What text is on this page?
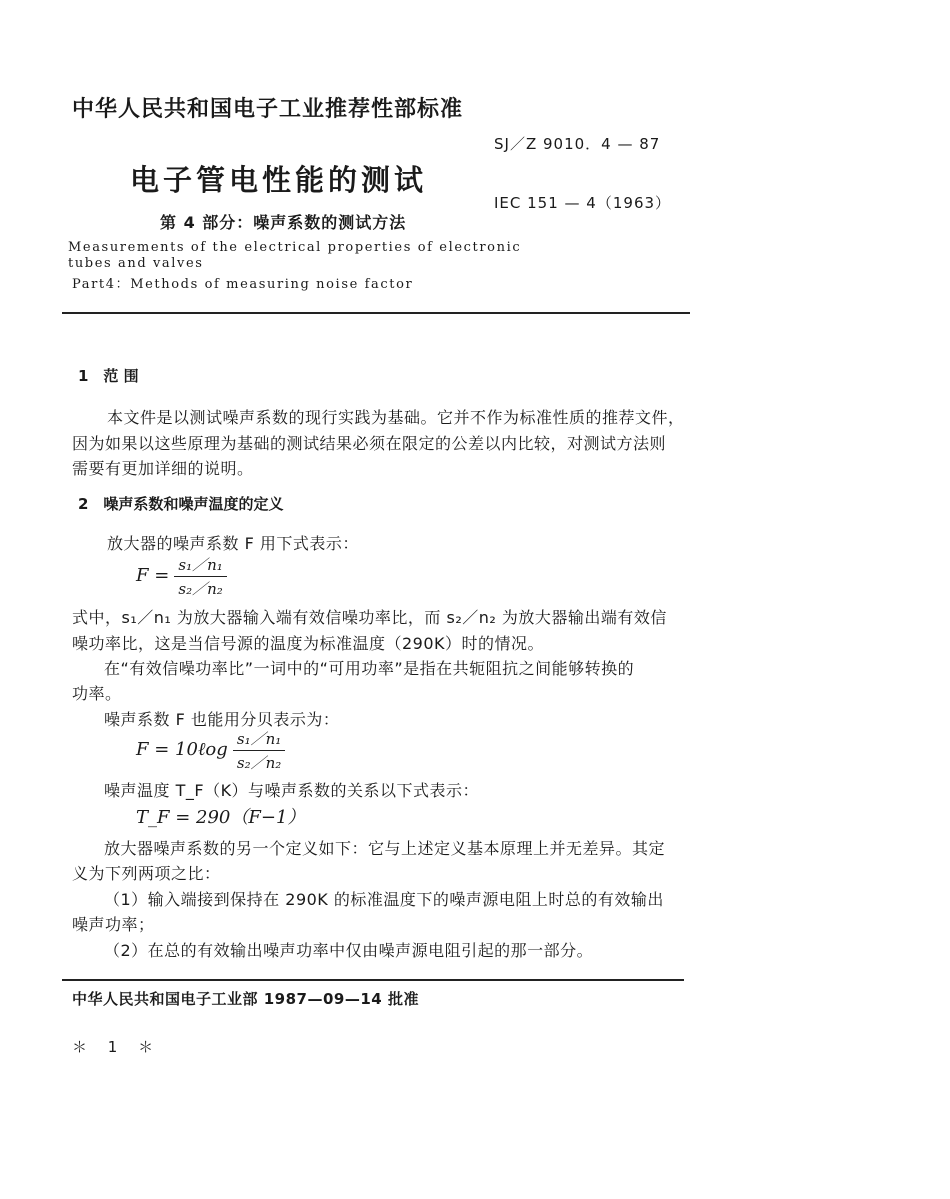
中华人民共和国电子工业推荐性部标准
SJ／Z 9010．4 — 87
电子管电性能的测试
IEC 151 — 4（1963）
第 4 部分：噪声系数的测试方法
Measurements of the electrical properties of electronic
tubes and valves
Part4：Methods of measuring noise factor
1　范 围
本文件是以测试噪声系数的现行实践为基础。它并不作为标准性质的推荐文件，
因为如果以这些原理为基础的测试结果必须在限定的公差以内比较，对测试方法则
需要有更加详细的说明。
2　噪声系数和噪声温度的定义
放大器的噪声系数 F 用下式表示：
$F = \frac{\text{s₁／n₁}}{\text{s₂／n₂}}$
式中，s₁／n₁ 为放大器输入端有效信噪功率比，而 s₂／n₂ 为放大器输出端有效信
噪功率比，这是当信号源的温度为标准温度（290K）时的情况。
在“有效信噪功率比”一词中的“可用功率”是指在共轭阻抗之间能够转换的
功率。
噪声系数 F 也能用分贝表示为：
F = 10ℓog $\frac{\text{s₁／n₁}}{\text{s₂／n₂}}$
噪声温度 T_F（K）与噪声系数的关系以下式表示：
T_F = 290（F−1）
放大器噪声系数的另一个定义如下：它与上述定义基本原理上并无差异。其定
义为下列两项之比：
（1）输入端接到保持在 290K 的标准温度下的噪声源电阻上时总的有效输出
噪声功率；
（2）在总的有效输出噪声功率中仅由噪声源电阻引起的那一部分。
中华人民共和国电子工业部 1987—09—14 批准
＊ 1 ＊
